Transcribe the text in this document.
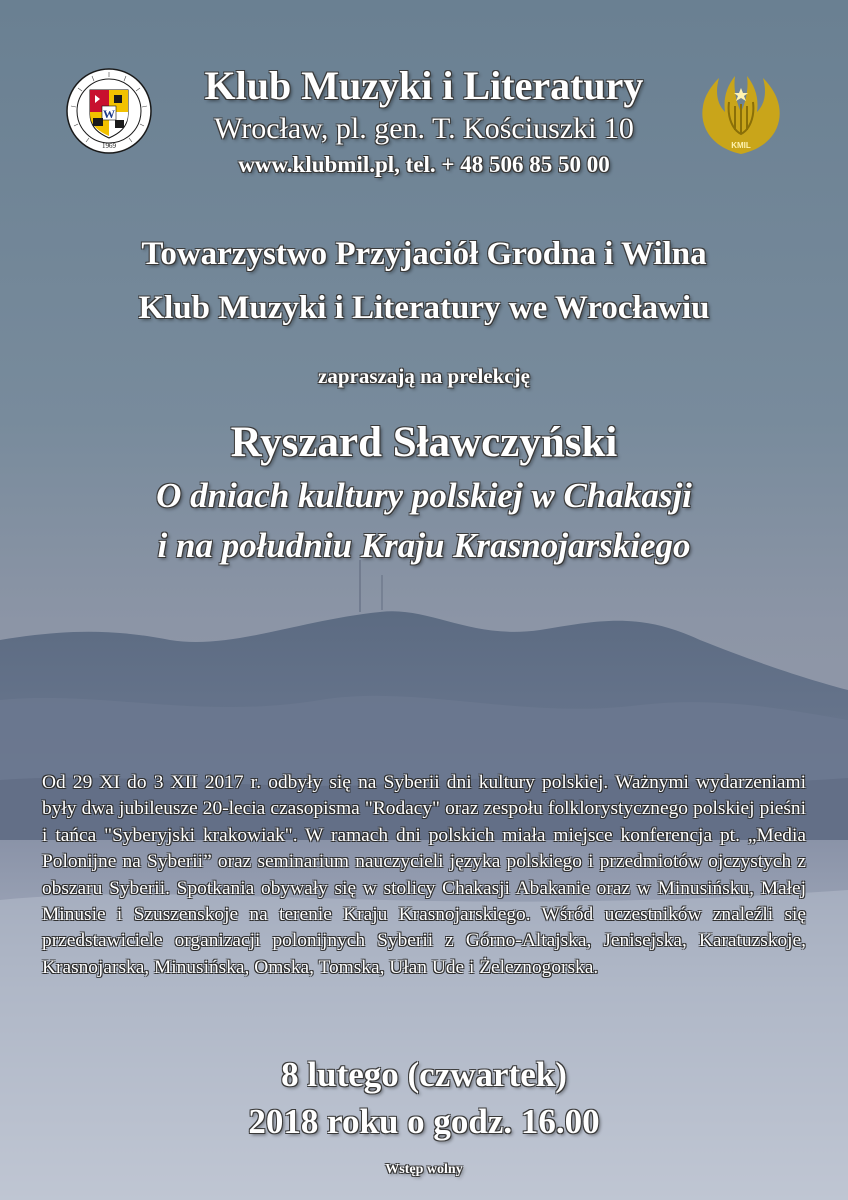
W
1969	KMIL
Klub Muzyki i Literatury
Wrocław, pl. gen. T. Kościuszki 10
www.klubmil.pl, tel. + 48 506 85 50 00
Towarzystwo Przyjaciół Grodna i Wilna
Klub Muzyki i Literatury we Wrocławiu
zapraszają na prelekcję
Ryszard Sławczyński
O dniach kultury polskiej w Chakasji
i na południu Kraju Krasnojarskiego
Od 29 XI do 3 XII 2017 r. odbyły się na Syberii dni kultury polskiej. Ważnymi wydarzeniami były dwa jubileusze 20-lecia czasopisma "Rodacy" oraz zespołu folklorystycznego polskiej pieśni i tańca "Syberyjski krakowiak". W ramach dni polskich miała miejsce konferencja pt. „Media Polonijne na Syberii” oraz seminarium nauczycieli języka polskiego i przedmiotów ojczystych z obszaru Syberii. Spotkania obywały się w stolicy Chakasji Abakanie oraz w Minusińsku, Małej Minusie i Szuszenskoje na terenie Kraju Krasnojarskiego. Wśród uczestników znaleźli się przedstawiciele organizacji polonijnych Syberii z Górno-Altajska, Jenisejska, Karatuzskoje, Krasnojarska, Minusińska, Omska, Tomska, Ułan Ude i Żeleznogorska.
8 lutego (czwartek)
2018 roku o godz. 16.00
Wstęp wolny
